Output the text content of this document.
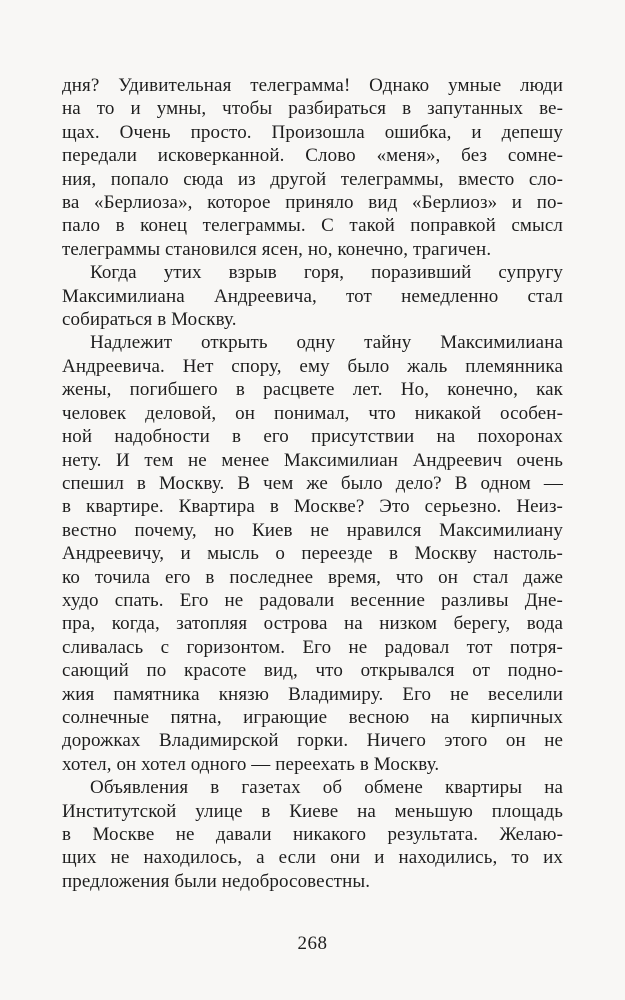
дня? Удивительная телеграмма! Однако умные люди
на то и умны, чтобы разбираться в запутанных ве-
щах. Очень просто. Произошла ошибка, и депешу
передали исковерканной. Слово «меня», без сомне-
ния, попало сюда из другой телеграммы, вместо сло-
ва «Берлиоза», которое приняло вид «Берлиоз» и по-
пало в конец телеграммы. С такой поправкой смысл
телеграммы становился ясен, но, конечно, трагичен.
Когда утих взрыв горя, поразивший супругу
Максимилиана Андреевича, тот немедленно стал
собираться в Москву.
Надлежит открыть одну тайну Максимилиана
Андреевича. Нет спору, ему было жаль племянника
жены, погибшего в расцвете лет. Но, конечно, как
человек деловой, он понимал, что никакой особен-
ной надобности в его присутствии на похоронах
нету. И тем не менее Максимилиан Андреевич очень
спешил в Москву. В чем же было дело? В одном —
в квартире. Квартира в Москве? Это серьезно. Неиз-
вестно почему, но Киев не нравился Максимилиану
Андреевичу, и мысль о переезде в Москву настоль-
ко точила его в последнее время, что он стал даже
худо спать. Его не радовали весенние разливы Дне-
пра, когда, затопляя острова на низком берегу, вода
сливалась с горизонтом. Его не радовал тот потря-
сающий по красоте вид, что открывался от подно-
жия памятника князю Владимиру. Его не веселили
солнечные пятна, играющие весною на кирпичных
дорожках Владимирской горки. Ничего этого он не
хотел, он хотел одного — переехать в Москву.
Объявления в газетах об обмене квартиры на
Институтской улице в Киеве на меньшую площадь
в Москве не давали никакого результата. Желаю-
щих не находилось, а если они и находились, то их
предложения были недобросовестны.
268
